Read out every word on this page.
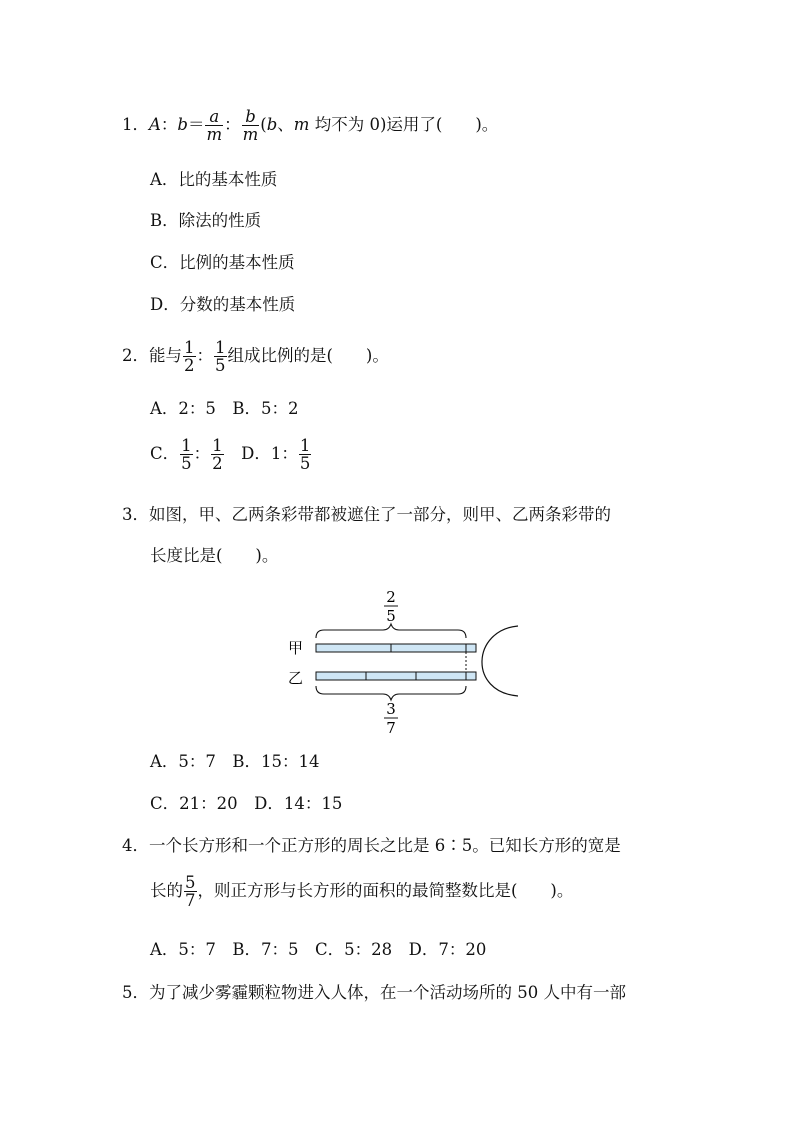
1．A：$b= \frac{a}{m}$ ： $\frac{b}{m} (b$、m 均不为 0)运用了(　　)。
A．比的基本性质
B．除法的性质
C．比例的基本性质
D．分数的基本性质
2．能与 $\frac{1}{2}$ ： $\frac{1}{5}$ 组成比例的是(　　)。
A．2：5　B．5：2
C． $\frac{1}{5}$ ： $\frac{1}{2}$ 　D．1： $\frac{1}{5}$
3．如图，甲、乙两条彩带都被遮住了一部分，则甲、乙两条彩带的
长度比是(　　)。
2
5
甲
乙
3
7
A．5：7　B．15：14
C．21：20　D．14：15
4．一个长方形和一个正方形的周长之比是 6∶5。已知长方形的宽是
长的 $\frac{5}{7}$ ，则正方形与长方形的面积的最简整数比是(　　)。
A．5：7　B．7：5　C．5：28　D．7：20
5．为了减少雾霾颗粒物进入人体，在一个活动场所的 50 人中有一部
